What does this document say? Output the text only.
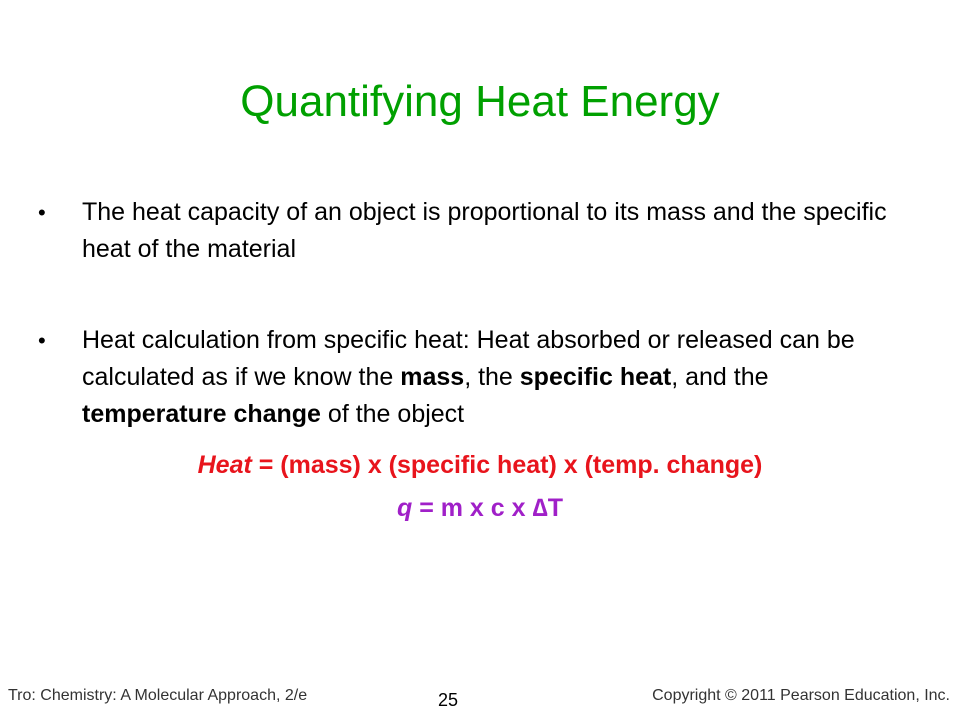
Quantifying Heat Energy
• The heat capacity of an object is proportional to its mass and the specific heat of the material
• Heat calculation from specific heat: Heat absorbed or released can be calculated as if we know the mass, the specific heat, and the temperature change of the object
Heat = (mass) x (specific heat) x (temp. change)
q = m x c x ∆T
Tro: Chemistry: A Molecular Approach, 2/e	25	Copyright © 2011 Pearson Education, Inc.
